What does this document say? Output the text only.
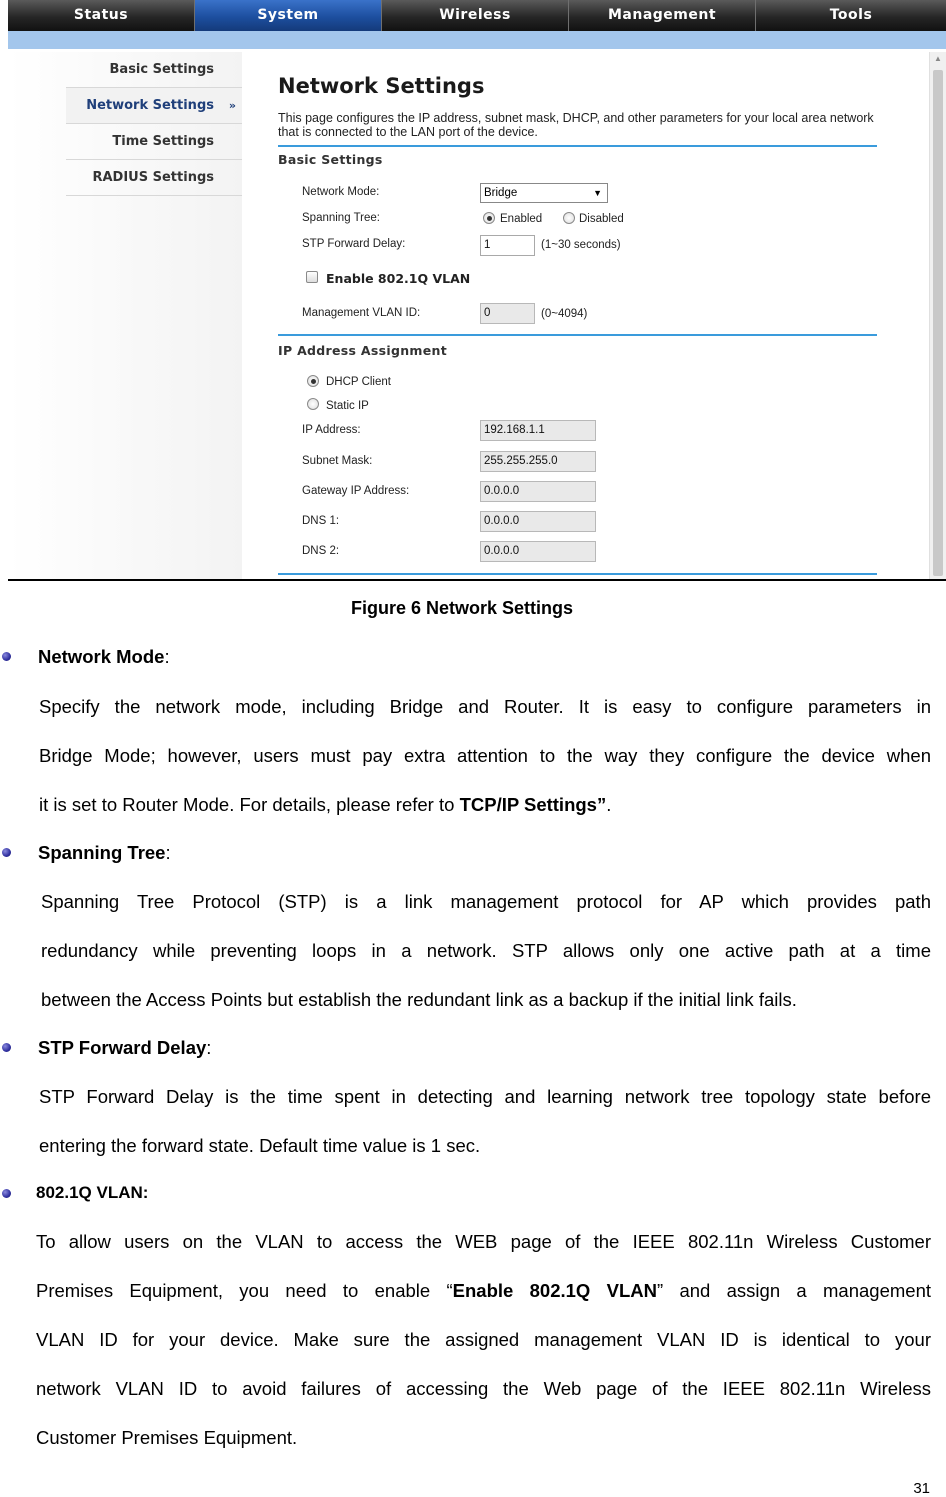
Status	System	Wireless	Management	Tools
Basic Settings
Network Settings »
Time Settings
RADIUS Settings
Network Settings
This page configures the IP address, subnet mask, DHCP, and other parameters for your local area network that is connected to the LAN port of the device.
Basic Settings
Network Mode:	Bridge	▼
Spanning Tree:	Enabled	Disabled
STP Forward Delay:	1	(1~30 seconds)
Enable 802.1Q VLAN
Management VLAN ID:	0	(0~4094)
IP Address Assignment
DHCP Client
Static IP
IP Address:	192.168.1.1
Subnet Mask:	255.255.255.0
Gateway IP Address:	0.0.0.0
DNS 1:	0.0.0.0
DNS 2:	0.0.0.0
▲
Figure 6 Network Settings
Network Mode:
Specify the network mode, including Bridge and Router. It is easy to configure parameters in
Bridge Mode; however, users must pay extra attention to the way they configure the device when
it is set to Router Mode. For details, please refer to TCP/IP Settings”.
Spanning Tree:
Spanning Tree Protocol (STP) is a link management protocol for AP which provides path
redundancy while preventing loops in a network. STP allows only one active path at a time
between the Access Points but establish the redundant link as a backup if the initial link fails.
STP Forward Delay:
STP Forward Delay is the time spent in detecting and learning network tree topology state before
entering the forward state. Default time value is 1 sec.
802.1Q VLAN:
To allow users on the VLAN to access the WEB page of the IEEE 802.11n Wireless Customer
Premises Equipment, you need to enable “Enable 802.1Q VLAN” and assign a management
VLAN ID for your device. Make sure the assigned management VLAN ID is identical to your
network VLAN ID to avoid failures of accessing the Web page of the IEEE 802.11n Wireless
Customer Premises Equipment.
31
